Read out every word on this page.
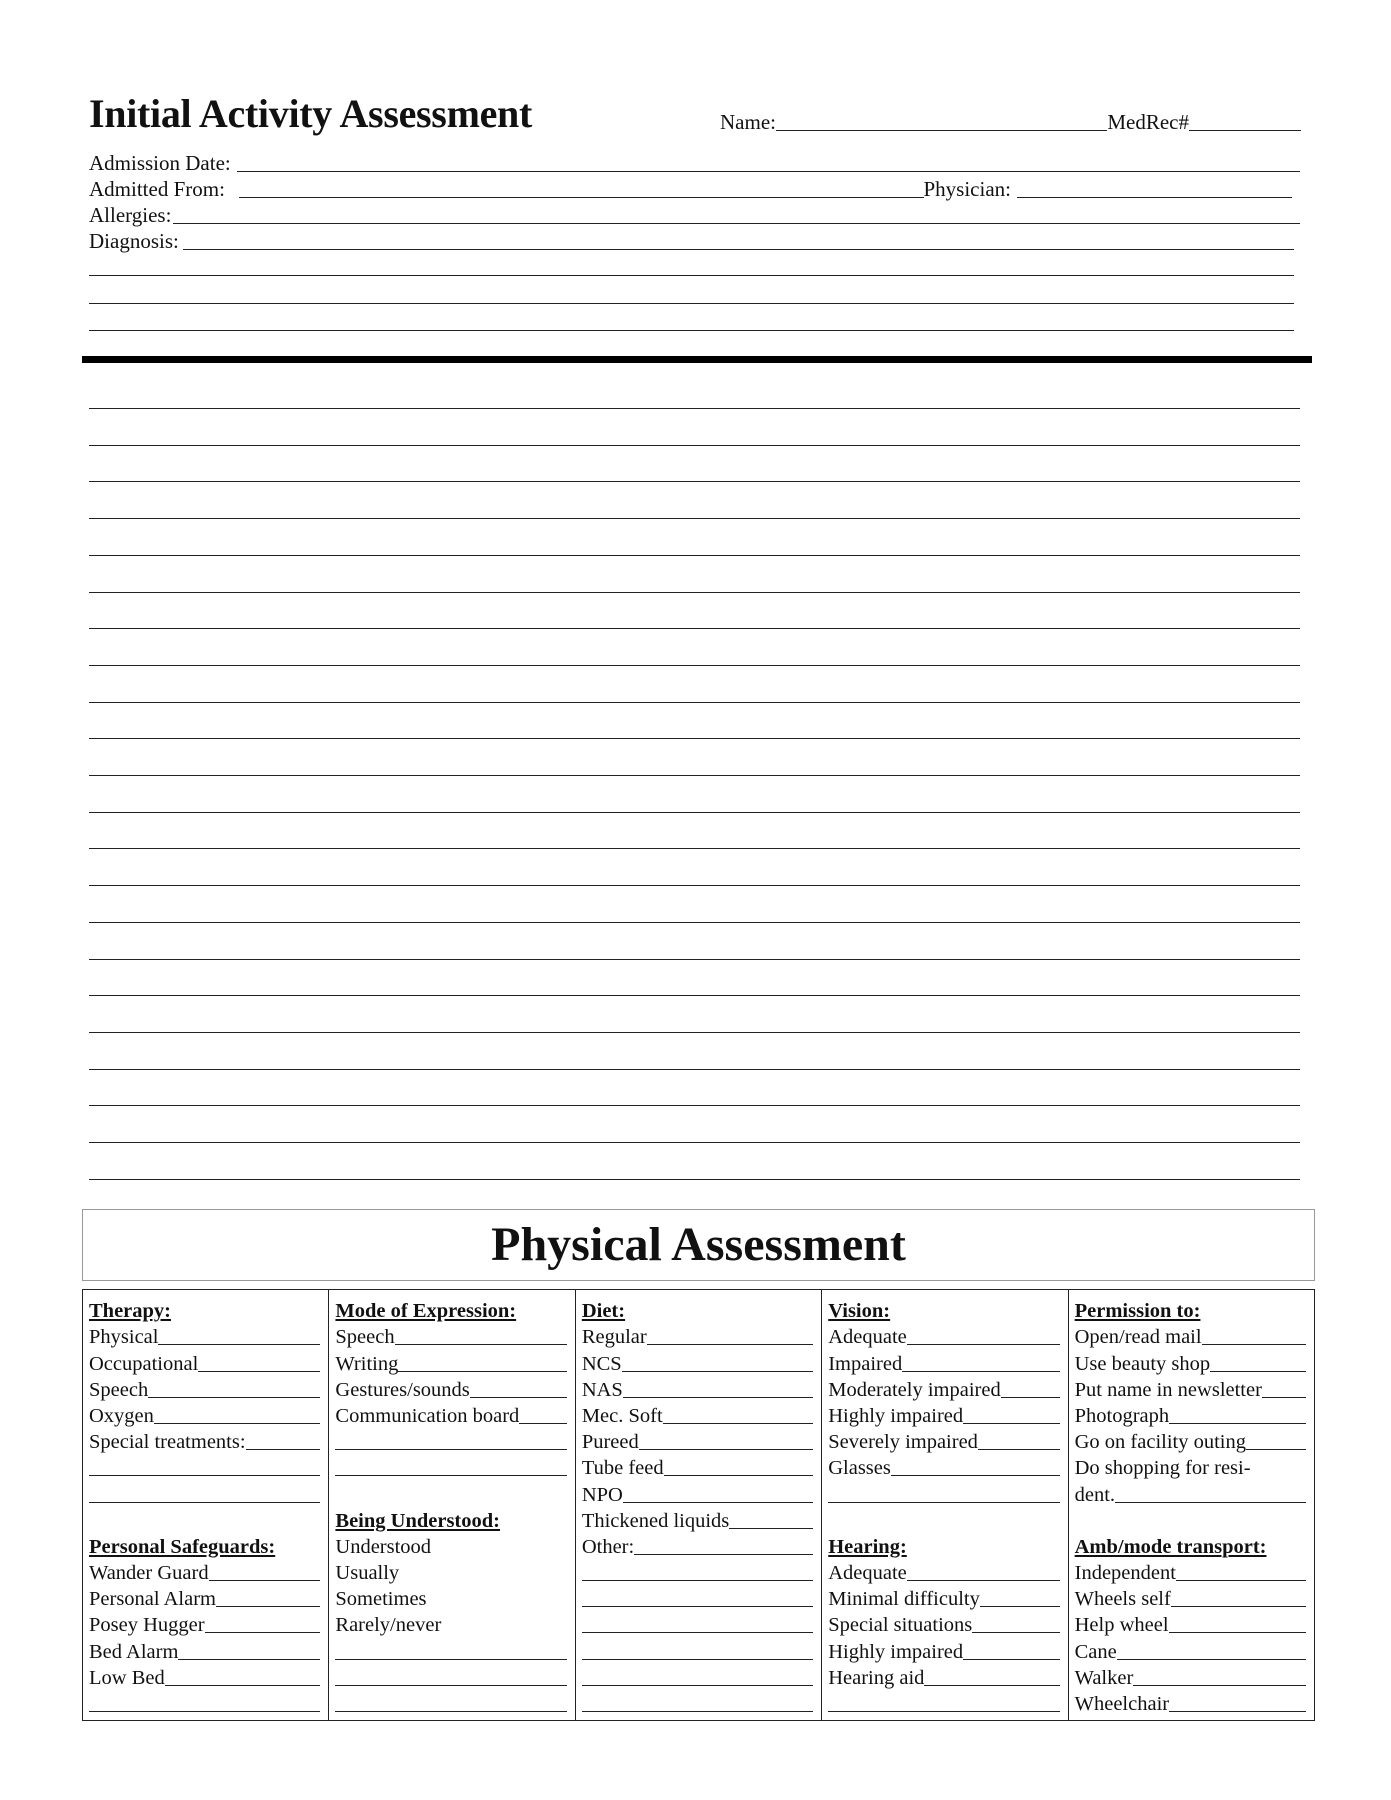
Initial Activity Assessment	Name:	MedRec#
Admission Date:
Admitted From:	Physician:
Allergies:
Diagnosis:
Physical Assessment
Therapy:
Physical
Occupational
Speech
Oxygen
Special treatments:
Personal Safeguards:
Wander Guard
Personal Alarm
Posey Hugger
Bed Alarm
Low Bed
Mode of Expression:
Speech
Writing
Gestures/sounds
Communication board
Being Understood:
Understood
Usually
Sometimes
Rarely/never
Diet:
Regular
NCS
NAS
Mec. Soft
Pureed
Tube feed
NPO
Thickened liquids
Other:
Vision:
Adequate
Impaired
Moderately impaired
Highly impaired
Severely impaired
Glasses
Hearing:
Adequate
Minimal difficulty
Special situations
Highly impaired
Hearing aid
Permission to:
Open/read mail
Use beauty shop
Put name in newsletter
Photograph
Go on facility outing
Do shopping for resi-
dent.
Amb/mode transport:
Independent
Wheels self
Help wheel
Cane
Walker
Wheelchair
